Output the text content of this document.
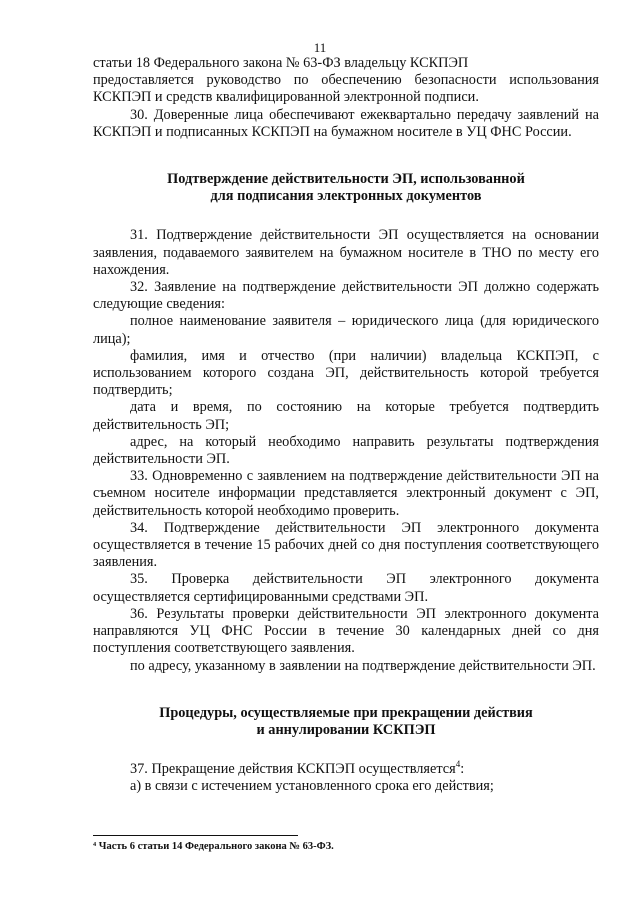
11

статьи 18 Федерального закона № 63-ФЗ владельцу КСКПЭП

предоставляется руководство по обеспечению безопасности использования КСКПЭП и средств квалифицированной электронной подписи.

30. Доверенные лица обеспечивают ежеквартально передачу заявлений на КСКПЭП и подписанных КСКПЭП на бумажном носителе в УЦ ФНС России.

Подтверждение действительности ЭП, использованной

для подписания электронных документов

31. Подтверждение действительности ЭП осуществляется на основании заявления, подаваемого заявителем на бумажном носителе в ТНО по месту его нахождения.

32. Заявление на подтверждение действительности ЭП должно содержать следующие сведения:

полное наименование заявителя – юридического лица (для юридического лица);

фамилия, имя и отчество (при наличии) владельца КСКПЭП, с использованием которого создана ЭП, действительность которой требуется подтвердить;

дата и время, по состоянию на которые требуется подтвердить действительность ЭП;

адрес, на который необходимо направить результаты подтверждения действительности ЭП.

33. Одновременно с заявлением на подтверждение действительности ЭП на съемном носителе информации представляется электронный документ с ЭП, действительность которой необходимо проверить.

34. Подтверждение действительности ЭП электронного документа осуществляется в течение 15 рабочих дней со дня поступления соответствующего заявления.

35. Проверка действительности ЭП электронного документа осуществляется сертифицированными средствами ЭП.

36. Результаты проверки действительности ЭП электронного документа направляются УЦ ФНС России в течение 30 календарных дней со дня поступления соответствующего заявления.

по адресу, указанному в заявлении на подтверждение действительности ЭП.

Процедуры, осуществляемые при прекращении действия

и аннулировании КСКПЭП

37. Прекращение действия КСКПЭП осуществляется$^4$:

а) в связи с истечением установленного срока его действия;

⁴ Часть 6 статьи 14 Федерального закона № 63-ФЗ.
